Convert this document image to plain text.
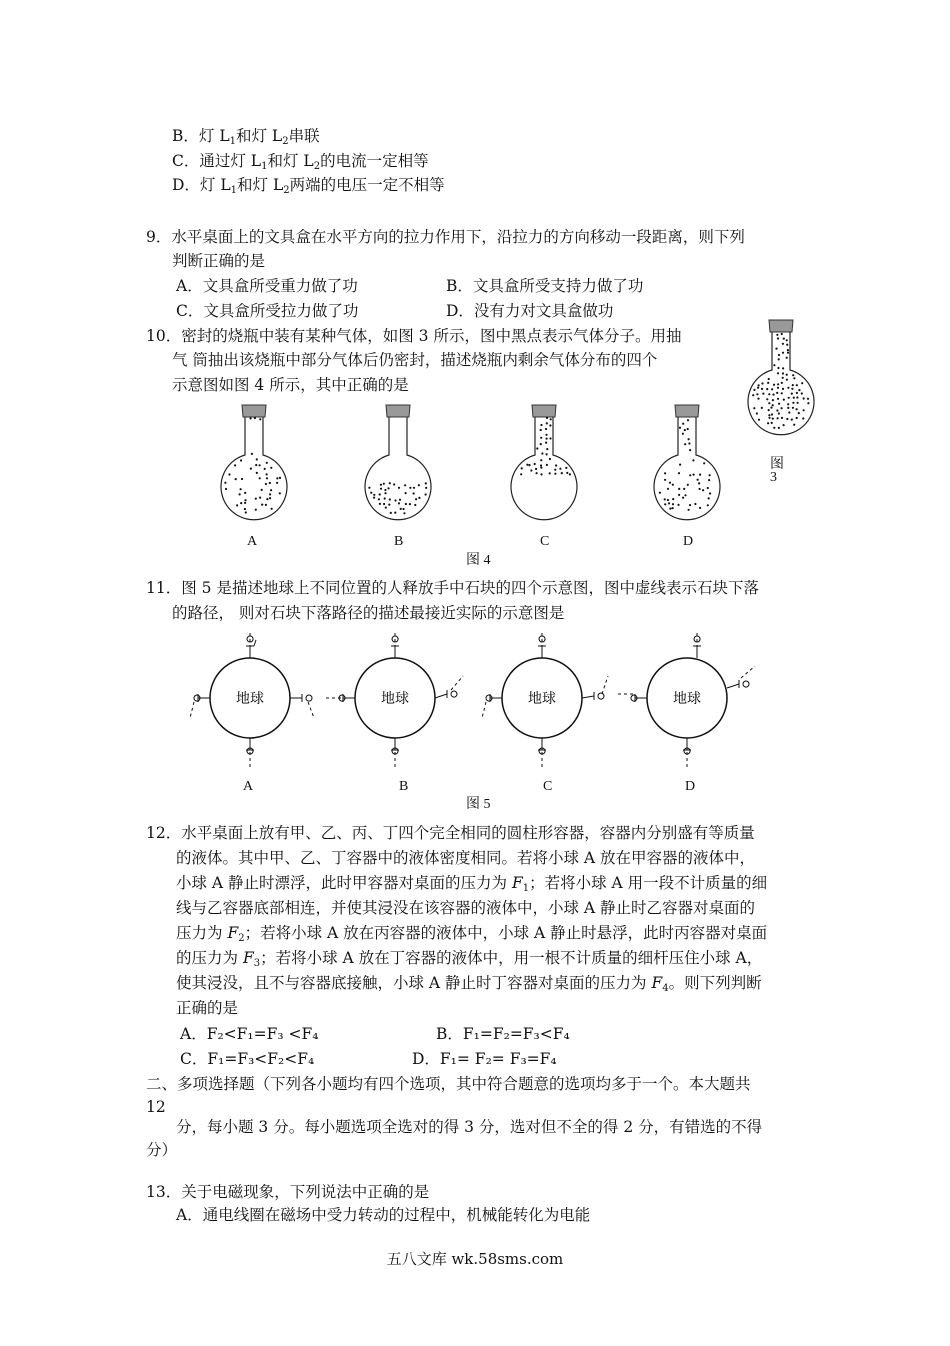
B．灯 $L_1$和灯 $L_2$串联
C．通过灯 $L_1$和灯 $L_2$的电流一定相等
D．灯 $L_1$和灯 $L_2$两端的电压一定不相等
9．水平桌面上的文具盒在水平方向的拉力作用下，沿拉力的方向移动一段距离，则下列
判断正确的是
A．文具盒所受重力做了功	B．文具盒所受支持力做了功
C．文具盒所受拉力做了功	D．没有力对文具盒做功
10．密封的烧瓶中装有某种气体，如图 3 所示，图中黑点表示气体分子。用抽
气 筒抽出该烧瓶中部分气体后仍密封，描述烧瓶内剩余气体分布的四个
示意图如图 4 所示，其中正确的是
图
3
A	B	C	D
图 4
11．图 5 是描述地球上不同位置的人释放手中石块的四个示意图，图中虚线表示石块下落
的路径， 则对石块下落路径的描述最接近实际的示意图是
地球	地球	地球	地球
A	B	C	D
图 5
12．水平桌面上放有甲、乙、丙、丁四个完全相同的圆柱形容器，容器内分别盛有等质量
的液体。其中甲、乙、丁容器中的液体密度相同。若将小球 A 放在甲容器的液体中，
小球 A 静止时漂浮，此时甲容器对桌面的压力为 $F_1$；若将小球 A 用一段不计质量的细
线与乙容器底部相连，并使其浸没在该容器的液体中，小球 A 静止时乙容器对桌面的
压力为 $F_2$；若将小球 A 放在丙容器的液体中，小球 A 静止时悬浮，此时丙容器对桌面
的压力为 $F_3$；若将小球 A 放在丁容器的液体中，用一根不计质量的细杆压住小球 A，
使其浸没，且不与容器底接触，小球 A 静止时丁容器对桌面的压力为 $F_4$。则下列判断
正确的是
A．F₂<F₁=F₃ <F₄	B．F₁=F₂=F₃<F₄
C．F₁=F₃<F₂<F₄	D．F₁= F₂= F₃=F₄
二、多项选择题（下列各小题均有四个选项，其中符合题意的选项均多于一个。本大题共
12
分，每小题 3 分。每小题选项全选对的得 3 分，选对但不全的得 2 分，有错选的不得
分）
13．关于电磁现象，下列说法中正确的是
A．通电线圈在磁场中受力转动的过程中，机械能转化为电能
五八文库 wk.58sms.com
